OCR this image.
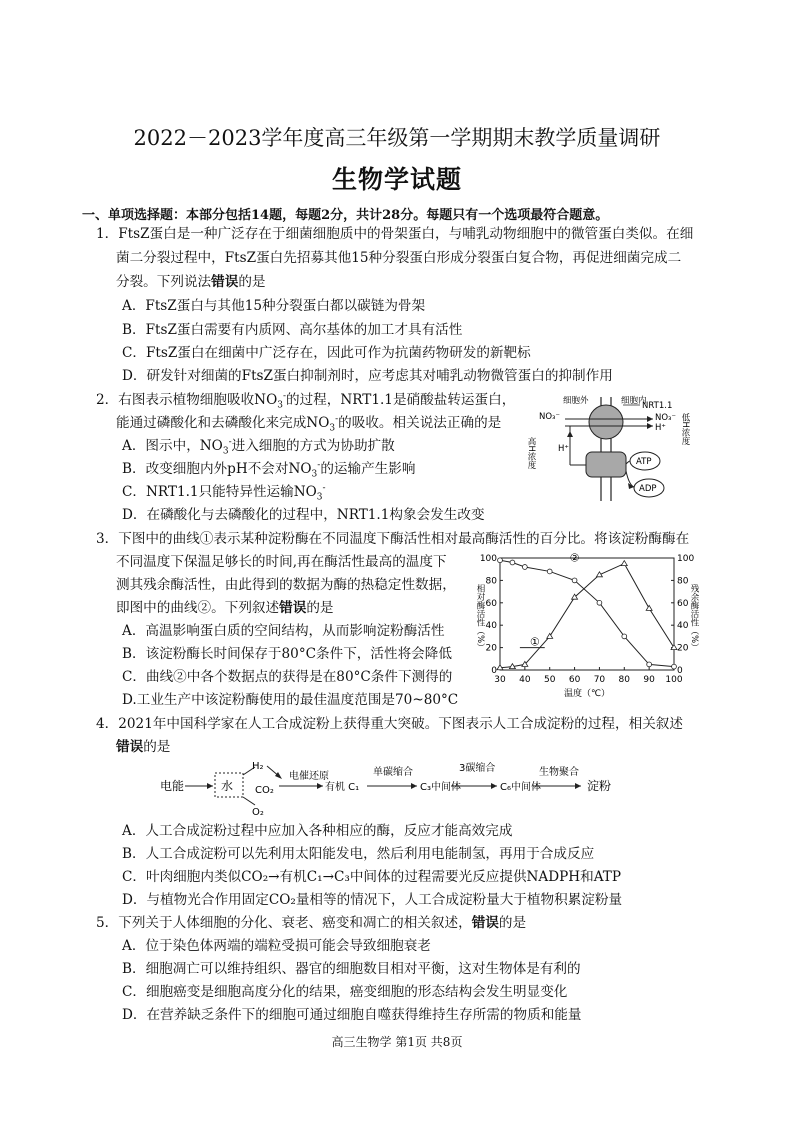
2022－2023学年度高三年级第一学期期末教学质量调研
生物学试题
一、单项选择题：本部分包括14题，每题2分，共计28分。每题只有一个选项最符合题意。
1．FtsZ蛋白是一种广泛存在于细菌细胞质中的骨架蛋白，与哺乳动物细胞中的微管蛋白类似。在细
菌二分裂过程中，FtsZ蛋白先招募其他15种分裂蛋白形成分裂蛋白复合物，再促进细菌完成二
分裂。下列说法错误的是
A．FtsZ蛋白与其他15种分裂蛋白都以碳链为骨架
B．FtsZ蛋白需要有内质网、高尔基体的加工才具有活性
C．FtsZ蛋白在细菌中广泛存在，因此可作为抗菌药物研发的新靶标
D．研发针对细菌的FtsZ蛋白抑制剂时，应考虑其对哺乳动物微管蛋白的抑制作用
2．右图表示植物细胞吸收$NO_3^-$的过程，NRT1.1是硝酸盐转运蛋白，
能通过磷酸化和去磷酸化来完成$NO_3^-$的吸收。相关说法正确的是
A．图示中，$NO_3^-$进入细胞的方式为协助扩散
B．改变细胞内外pH不会对$NO_3^-$的运输产生影响
C．NRT1.1只能特异性运输$NO_3^-$
D．在磷酸化与去磷酸化的过程中，NRT1.1构象会发生改变
细胞外	细胞内
NRT1.1
NO₃⁻	NO₃⁻
H⁺
H⁺
高H浓度
低H浓度
ATP
ADP
3．下图中的曲线①表示某种淀粉酶在不同温度下酶活性相对最高酶活性的百分比。将该淀粉酶酶在
不同温度下保温足够长的时间,再在酶活性最高的温度下
测其残余酶活性，由此得到的数据为酶的热稳定性数据，
即图中的曲线②。下列叙述错误的是
A．高温影响蛋白质的空间结构，从而影响淀粉酶活性
B．该淀粉酶长时间保存于80°C条件下，活性将会降低
C．曲线②中各个数据点的获得是在80°C条件下测得的
D.工业生产中该淀粉酶使用的最佳温度范围是70~80°C
30 40 50 60 70 80 90 100
0	0
20	20
40	40
60	60
80	80
100	100
温度（℃）
相对酶活性（%）	残余酶活性（%）
②
①
4．2021年中国科学家在人工合成淀粉上获得重大突破。下图表示人工合成淀粉的过程，相关叙述
错误的是
电能	水
H₂
O₂
CO₂
电催还原
有机 C₁
单碳缩合
C₃中间体
3碳缩合
C₆中间体
生物聚合
淀粉
A．人工合成淀粉过程中应加入各种相应的酶，反应才能高效完成
B．人工合成淀粉可以先利用太阳能发电，然后利用电能制氢，再用于合成反应
C．叶肉细胞内类似CO₂→有机C₁→C₃中间体的过程需要光反应提供NADPH和ATP
D．与植物光合作用固定CO₂量相等的情况下，人工合成淀粉量大于植物积累淀粉量
5．下列关于人体细胞的分化、衰老、癌变和凋亡的相关叙述，错误的是
A．位于染色体两端的端粒受损可能会导致细胞衰老
B．细胞凋亡可以维持组织、器官的细胞数目相对平衡，这对生物体是有利的
C．细胞癌变是细胞高度分化的结果，癌变细胞的形态结构会发生明显变化
D．在营养缺乏条件下的细胞可通过细胞自噬获得维持生存所需的物质和能量
高三生物学 第1页 共8页
